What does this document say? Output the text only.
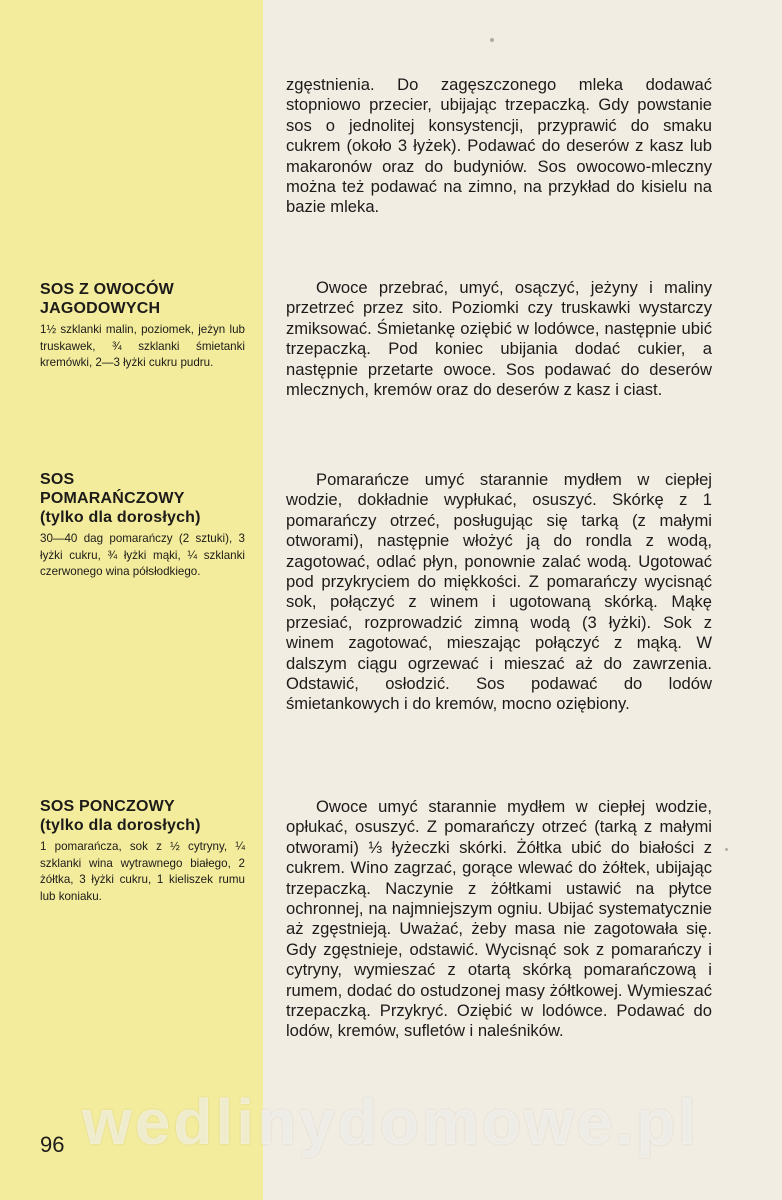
SOS Z OWOCÓW
JAGODOWYCH
1½ szklanki malin, poziomek, jeżyn lub truskawek, ¾ szklanki śmietanki kremówki, 2—3 łyżki cukru pudru.
SOS
POMARAŃCZOWY
(tylko dla dorosłych)
30—40 dag pomarańczy (2 sztuki), 3 łyżki cukru, ¾ łyżki mąki, ¼ szklanki czerwonego wina półsłodkiego.
SOS PONCZOWY
(tylko dla dorosłych)
1 pomarańcza, sok z ½ cytryny, ¼ szklanki wina wytrawnego białego, 2 żółtka, 3 łyżki cukru, 1 kieliszek rumu lub koniaku.

zgęstnienia. Do zagęszczonego mleka dodawać stopniowo przecier, ubijając trzepaczką. Gdy powstanie sos o jednolitej konsystencji, przyprawić do smaku cukrem (około 3 łyżek). Podawać do deserów z kasz lub makaronów oraz do budyniów. Sos owocowo-mleczny można też podawać na zimno, na przykład do kisielu na bazie mleka.

Owoce przebrać, umyć, osączyć, jeżyny i maliny przetrzeć przez sito. Poziomki czy truskawki wystarczy zmiksować. Śmietankę oziębić w lodówce, następnie ubić trzepaczką. Pod koniec ubijania dodać cukier, a następnie przetarte owoce. Sos podawać do deserów mlecznych, kremów oraz do deserów z kasz i ciast.

Pomarańcze umyć starannie mydłem w ciepłej wodzie, dokładnie wypłukać, osuszyć. Skórkę z 1 pomarańczy otrzeć, posługując się tarką (z małymi otworami), następnie włożyć ją do rondla z wodą, zagotować, odlać płyn, ponownie zalać wodą. Ugotować pod przykryciem do miękkości. Z pomarańczy wycisnąć sok, połączyć z winem i ugotowaną skórką. Mąkę przesiać, rozprowadzić zimną wodą (3 łyżki). Sok z winem zagotować, mieszając połączyć z mąką. W dalszym ciągu ogrzewać i mieszać aż do zawrzenia. Odstawić, osłodzić. Sos podawać do lodów śmietankowych i do kremów, mocno oziębiony.

Owoce umyć starannie mydłem w ciepłej wodzie, opłukać, osuszyć. Z pomarańczy otrzeć (tarką z małymi otworami) ⅓ łyżeczki skórki. Żółtka ubić do białości z cukrem. Wino zagrzać, gorące wlewać do żółtek, ubijając trzepaczką. Naczynie z żółtkami ustawić na płytce ochronnej, na najmniejszym ogniu. Ubijać systematycznie aż zgęstnieją. Uważać, żeby masa nie zagotowała się. Gdy zgęstnieje, odstawić. Wycisnąć sok z pomarańczy i cytryny, wymieszać z otartą skórką pomarańczową i rumem, dodać do ostudzonej masy żółtkowej. Wymieszać trzepaczką. Przykryć. Oziębić w lodówce. Podawać do lodów, kremów, sufletów i naleśników.

96 wedlinydomowe.pl
